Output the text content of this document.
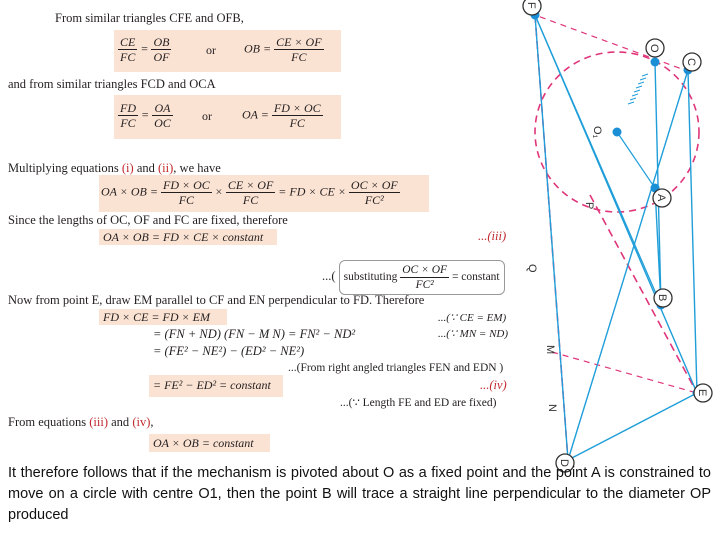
F
O
C
O₁
A
P
Q
B
M
E
N
D
From similar triangles CFE and OFB,
$\frac{CE}{FC} = \frac{OB}{OF}$	or OB = $\frac{CE \times OF}{FC}$
and from similar triangles FCD and OCA
$\frac{FD}{FC} = \frac{OA}{OC}$ or	OA = $\frac{FD \times OC}{FC}$
Multiplying equations (i) and (ii), we have
OA × OB = $\frac{FD \times OC}{FC} \times \frac{CE \times OF}{FC}$ = FD × CE × $\frac{OC \times OF}{\text{FC²}}$
Since the lengths of OC, OF and FC are fixed, therefore
OA × OB = FD × CE × constant	...(iii)
...( substituting $\frac{OC \times OF}{\text{FC²}}$ = constant
Now from point E, draw EM parallel to CF and EN perpendicular to FD. Therefore
FD × CE = FD × EM	...(∵ CE = EM)
= (FN + ND) (FN − M N) = FN² − ND²	...(∵ MN = ND)
= (FE² − NE²) − (ED² − NE²)
...(From right angled triangles FEN and EDN )
= FE² − ED² = constant	...(iv)
...(∵ Length FE and ED are fixed)
From equations (iii) and (iv),
OA × OB = constant
It therefore follows that if the mechanism is pivoted about O as a fixed point and the point A is constrained to move on a circle with centre O1, then the point B will trace a straight line perpendicular to the diameter OP produced
